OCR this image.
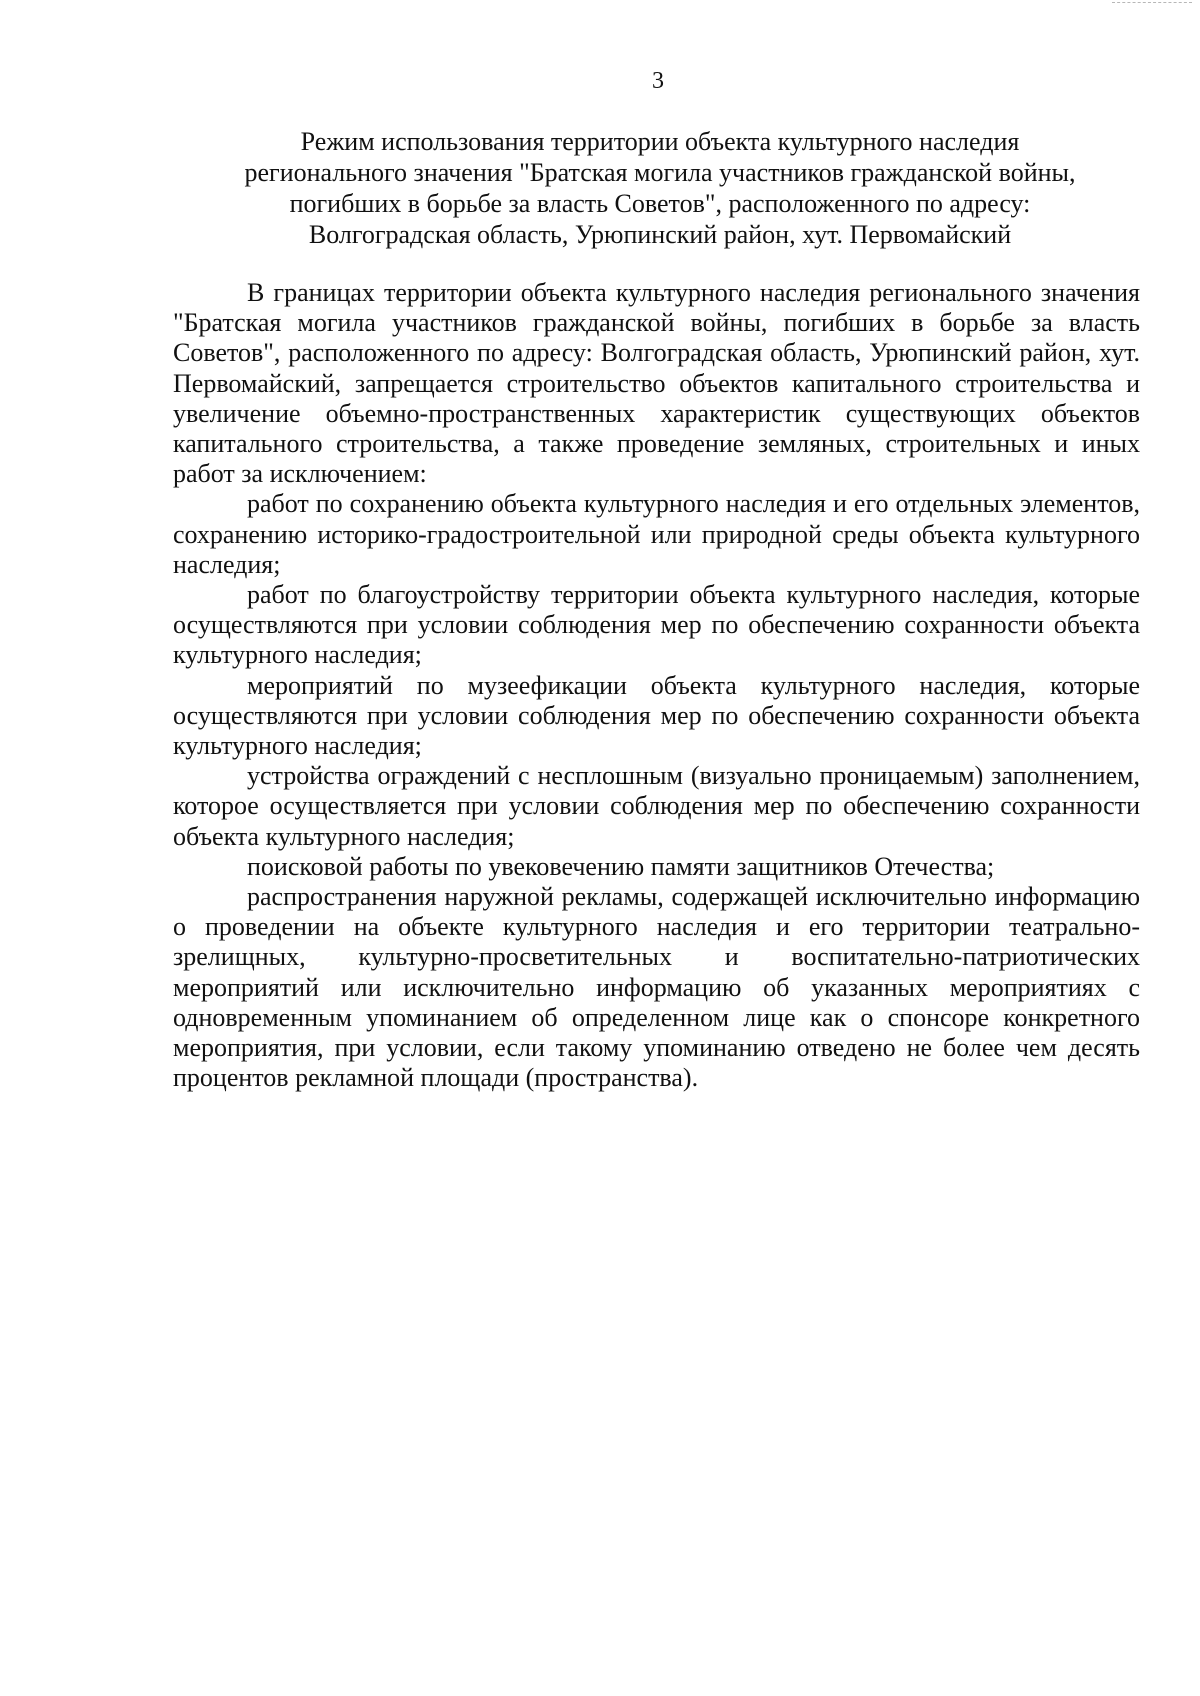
3
Режим использования территории объекта культурного наследия
регионального значения "Братская могила участников гражданской войны,
погибших в борьбе за власть Советов", расположенного по адресу:
Волгоградская область, Урюпинский район, хут. Первомайский

В границах территории объекта культурного наследия регионального значения "Братская могила участников гражданской войны, погибших в борьбе за власть Советов", расположенного по адресу: Волгоградская область, Урюпинский район, хут. Первомайский, запрещается строительство объектов капитального строительства и увеличение объемно-пространственных характеристик существующих объектов капитального строительства, а также проведение земляных, строительных и иных работ за исключением:

работ по сохранению объекта культурного наследия и его отдельных элементов, сохранению историко-градостроительной или природной среды объекта культурного наследия;

работ по благоустройству территории объекта культурного наследия, которые осуществляются при условии соблюдения мер по обеспечению сохранности объекта культурного наследия;

мероприятий по музеефикации объекта культурного наследия, которые осуществляются при условии соблюдения мер по обеспечению сохранности объекта культурного наследия;

устройства ограждений с несплошным (визуально проницаемым) заполнением, которое осуществляется при условии соблюдения мер по обеспечению сохранности объекта культурного наследия;

поисковой работы по увековечению памяти защитников Отечества;

распространения наружной рекламы, содержащей исключительно информацию о проведении на объекте культурного наследия и его территории театрально-зрелищных, культурно-просветительных и воспитательно-патриотических мероприятий или исключительно информацию об указанных мероприятиях с одновременным упоминанием об определенном лице как о спонсоре конкретного мероприятия, при условии, если такому упоминанию отведено не более чем десять процентов рекламной площади (пространства).
